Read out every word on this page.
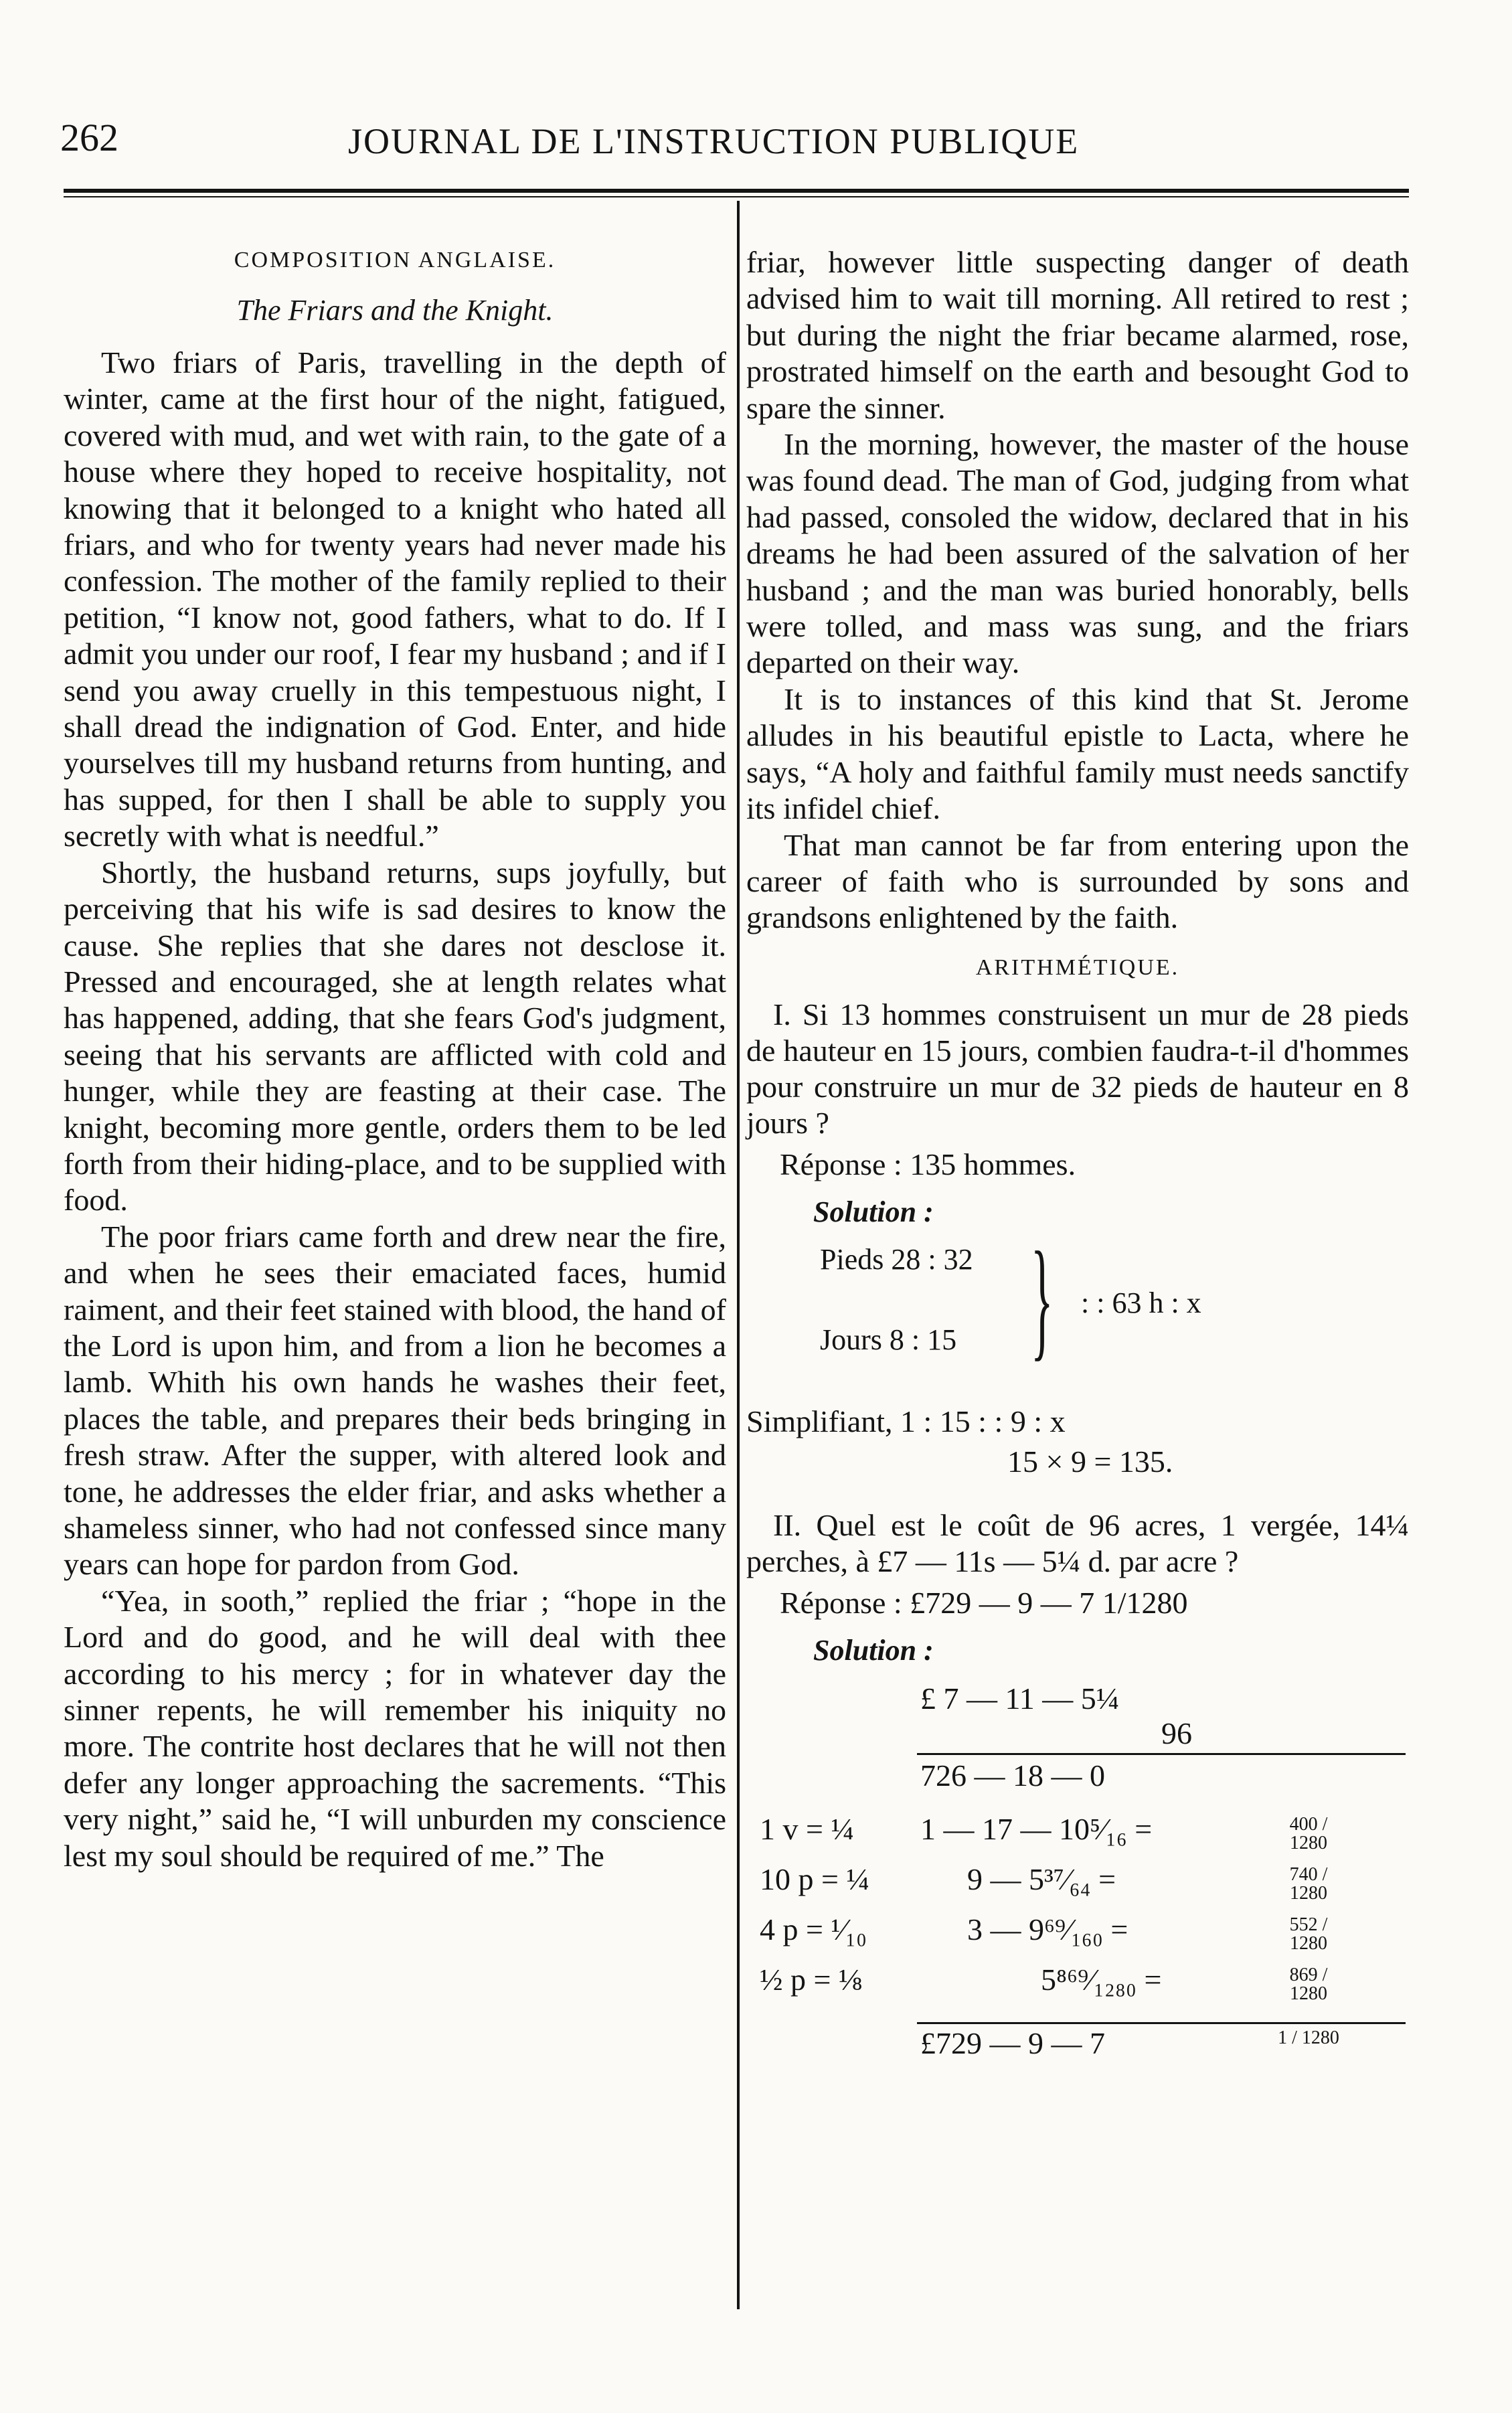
262	JOURNAL DE L'INSTRUCTION PUBLIQUE
COMPOSITION ANGLAISE.
The Friars and the Knight.

Two friars of Paris, travelling in the depth of winter, came at the first hour of the night, fatigued, covered with mud, and wet with rain, to the gate of a house where they hoped to receive hospitality, not knowing that it belonged to a knight who hated all friars, and who for twenty years had never made his confession. The mother of the family replied to their petition, “I know not, good fathers, what to do. If I admit you under our roof, I fear my husband ; and if I send you away cruelly in this tempestuous night, I shall dread the indignation of God. Enter, and hide yourselves till my husband returns from hunting, and has supped, for then I shall be able to supply you secretly with what is needful.”

Shortly, the husband returns, sups joyfully, but perceiving that his wife is sad desires to know the cause. She replies that she dares not desclose it. Pressed and encouraged, she at length relates what has happened, adding, that she fears God's judgment, seeing that his servants are afflicted with cold and hunger, while they are feasting at their case. The knight, becoming more gentle, orders them to be led forth from their hiding-place, and to be supplied with food.

The poor friars came forth and drew near the fire, and when he sees their emaciated faces, humid raiment, and their feet stained with blood, the hand of the Lord is upon him, and from a lion he becomes a lamb. Whith his own hands he washes their feet, places the table, and prepares their beds bringing in fresh straw. After the supper, with altered look and tone, he addresses the elder friar, and asks whether a shameless sinner, who had not confessed since many years can hope for pardon from God.

“Yea, in sooth,” replied the friar ; “hope in the Lord and do good, and he will deal with thee according to his mercy ; for in whatever day the sinner repents, he will remember his iniquity no more. The contrite host declares that he will not then defer any longer approaching the sacrements. “This very night,” said he, “I will unburden my conscience lest my soul should be required of me.” The

friar, however little suspecting danger of death advised him to wait till morning. All retired to rest ; but during the night the friar became alarmed, rose, prostrated himself on the earth and besought God to spare the sinner.

In the morning, however, the master of the house was found dead. The man of God, judging from what had passed, consoled the widow, declared that in his dreams he had been assured of the salvation of her husband ; and the man was buried honorably, bells were tolled, and mass was sung, and the friars departed on their way.

It is to instances of this kind that St. Jerome alludes in his beautiful epistle to Lacta, where he says, “A holy and faithful family must needs sanctify its infidel chief.

That man cannot be far from entering upon the career of faith who is surrounded by sons and grandsons enlightened by the faith.

ARITHMÉTIQUE.

I. Si 13 hommes construisent un mur de 28 pieds de hauteur en 15 jours, combien faudra-t-il d'hommes pour construire un mur de 32 pieds de hauteur en 8 jours ?

Réponse : 135 hommes.
Solution :
Pieds 28 : 32
Jours 8 : 15 } : : 63 h : x

Simplifiant, 1 : 15 : : 9 : x

15 × 9 = 135.

II. Quel est le coût de 96 acres, 1 vergée, 14¼ perches, à £7 — 11s — 5¼ d. par acre ?

Réponse : £729 — 9 — 7 1/1280
Solution :
£ 7 — 11 — 5¼
96
726 — 18 — 0
1 v = ¼ 1 — 17 — 10⁵⁄₁₆ =	400 / 1280
10 p = ¼	9 — 5³⁷⁄₆₄ =	740 / 1280
4 p = ¹⁄₁₀	3 — 9⁶⁹⁄₁₆₀ =	552 / 1280
½ p = ⅛	5⁸⁶⁹⁄₁₂₈₀ =	869 / 1280
£729 — 9 — 7	1 / 1280
